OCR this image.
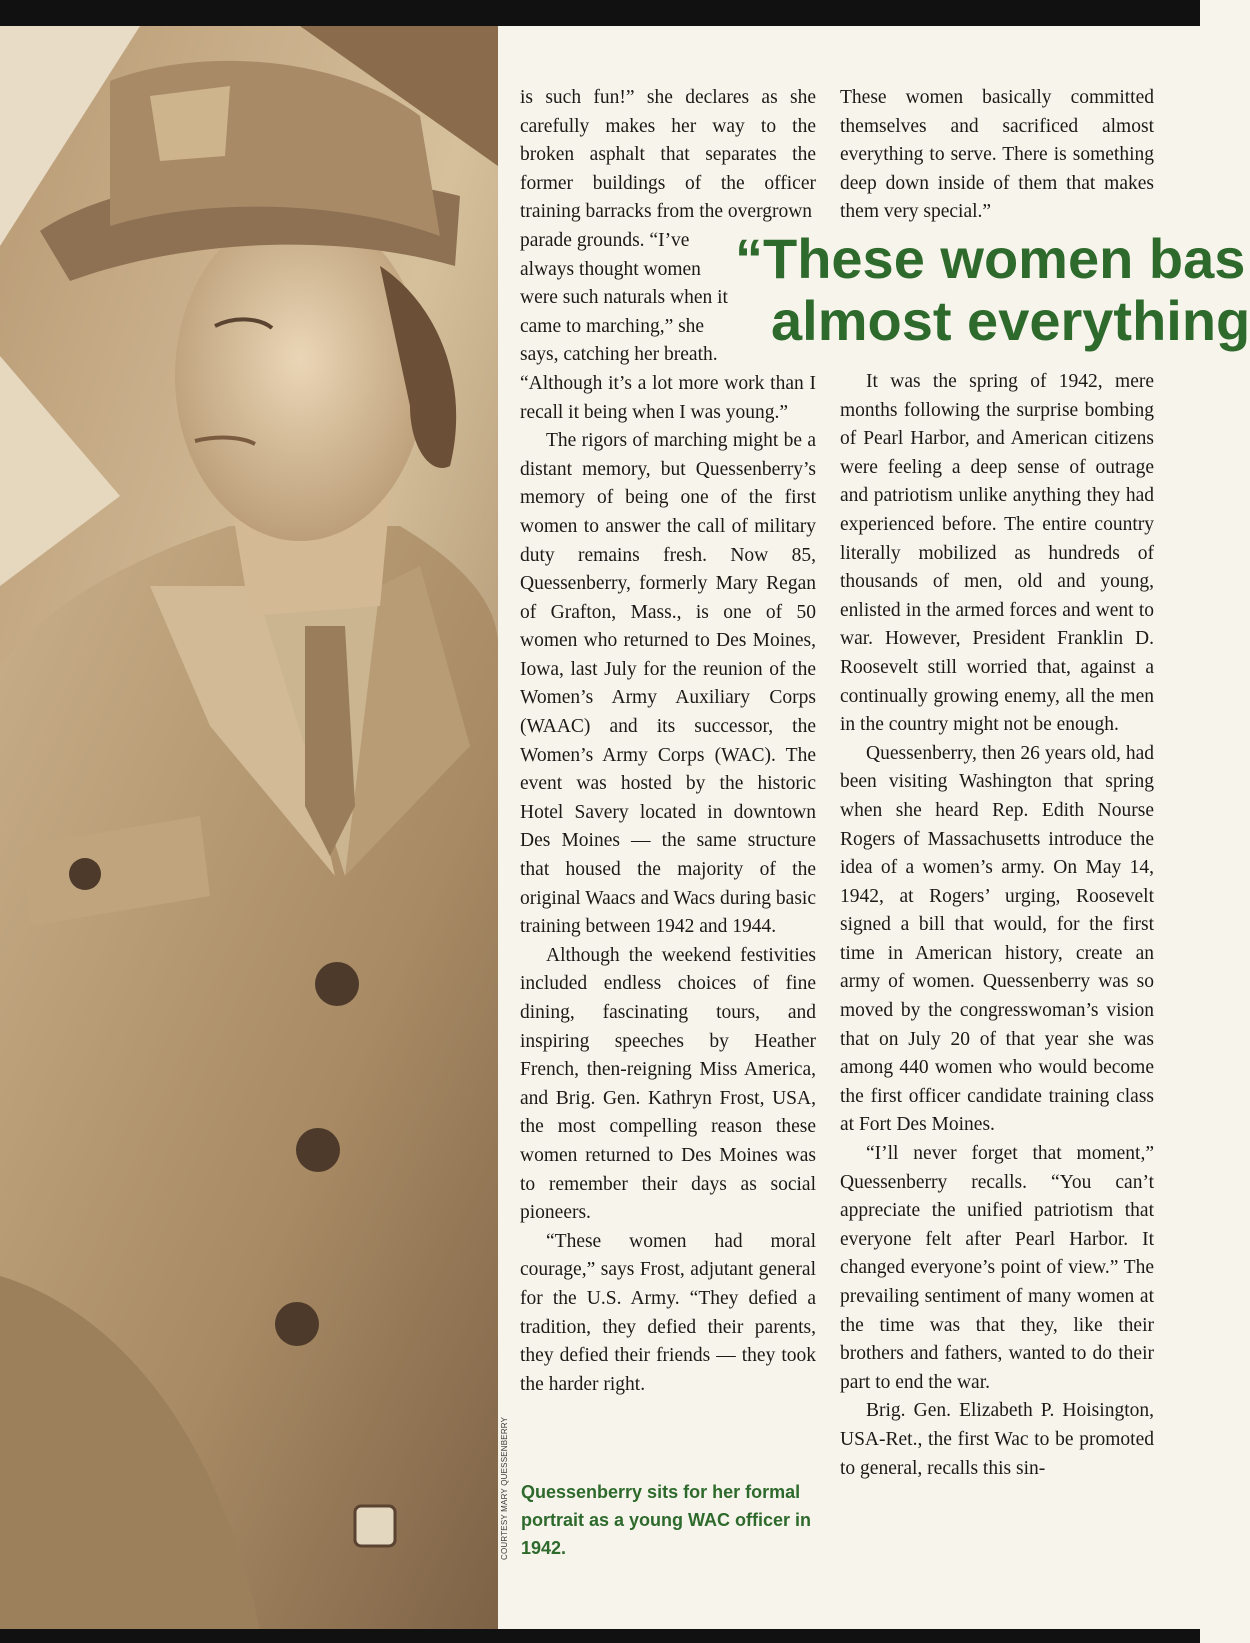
COURTESY MARY QUESSENBERRY

is such fun!” she declares as she carefully makes her way to the broken asphalt that separates the former buildings of the officer training barracks from the overgrown

parade grounds. “I’ve always thought women were such naturals when it came to marching,” she says, catching her breath.

“Although it’s a lot more work than I recall it being when I was young.”

The rigors of marching might be a distant memory, but Quessenberry’s memory of being one of the first women to answer the call of military duty remains fresh. Now 85, Quessenberry, formerly Mary Regan of Grafton, Mass., is one of 50 women who returned to Des Moines, Iowa, last July for the reunion of the Women’s Army Auxiliary Corps (WAAC) and its successor, the Women’s Army Corps (WAC). The event was hosted by the historic Hotel Savery located in downtown Des Moines — the same structure that housed the majority of the original Waacs and Wacs during basic training between 1942 and 1944.

Although the weekend festivities included endless choices of fine dining, fascinating tours, and inspiring speeches by Heather French, then-reigning Miss America, and Brig. Gen. Kathryn Frost, USA, the most compelling reason these women returned to Des Moines was to remember their days as social pioneers.

“These women had moral courage,” says Frost, adjutant general for the U.S. Army. “They defied a tradition, they defied their parents, they defied their friends — they took the harder right.

These women basically committed themselves and sacrificed almost everything to serve. There is something deep down inside of them that makes them very special.”

“These women bas
almost everything

It was the spring of 1942, mere months following the surprise bombing of Pearl Harbor, and American citizens were feeling a deep sense of outrage and patriotism unlike anything they had experienced before. The entire country literally mobilized as hundreds of thousands of men, old and young, enlisted in the armed forces and went to war. However, President Franklin D. Roosevelt still worried that, against a continually growing enemy, all the men in the country might not be enough.

Quessenberry, then 26 years old, had been visiting Washington that spring when she heard Rep. Edith Nourse Rogers of Massachusetts introduce the idea of a women’s army. On May 14, 1942, at Rogers’ urging, Roosevelt signed a bill that would, for the first time in American history, create an army of women. Quessenberry was so moved by the congresswoman’s vision that on July 20 of that year she was among 440 women who would become the first officer candidate training class at Fort Des Moines.

“I’ll never forget that moment,” Quessenberry recalls. “You can’t appreciate the unified patriotism that everyone felt after Pearl Harbor. It changed everyone’s point of view.” The prevailing sentiment of many women at the time was that they, like their brothers and fathers, wanted to do their part to end the war.

Brig. Gen. Elizabeth P. Hoisington, USA-Ret., the first Wac to be promoted to general, recalls this sin-

Quessenberry sits for her formal portrait as a young WAC officer in 1942.
